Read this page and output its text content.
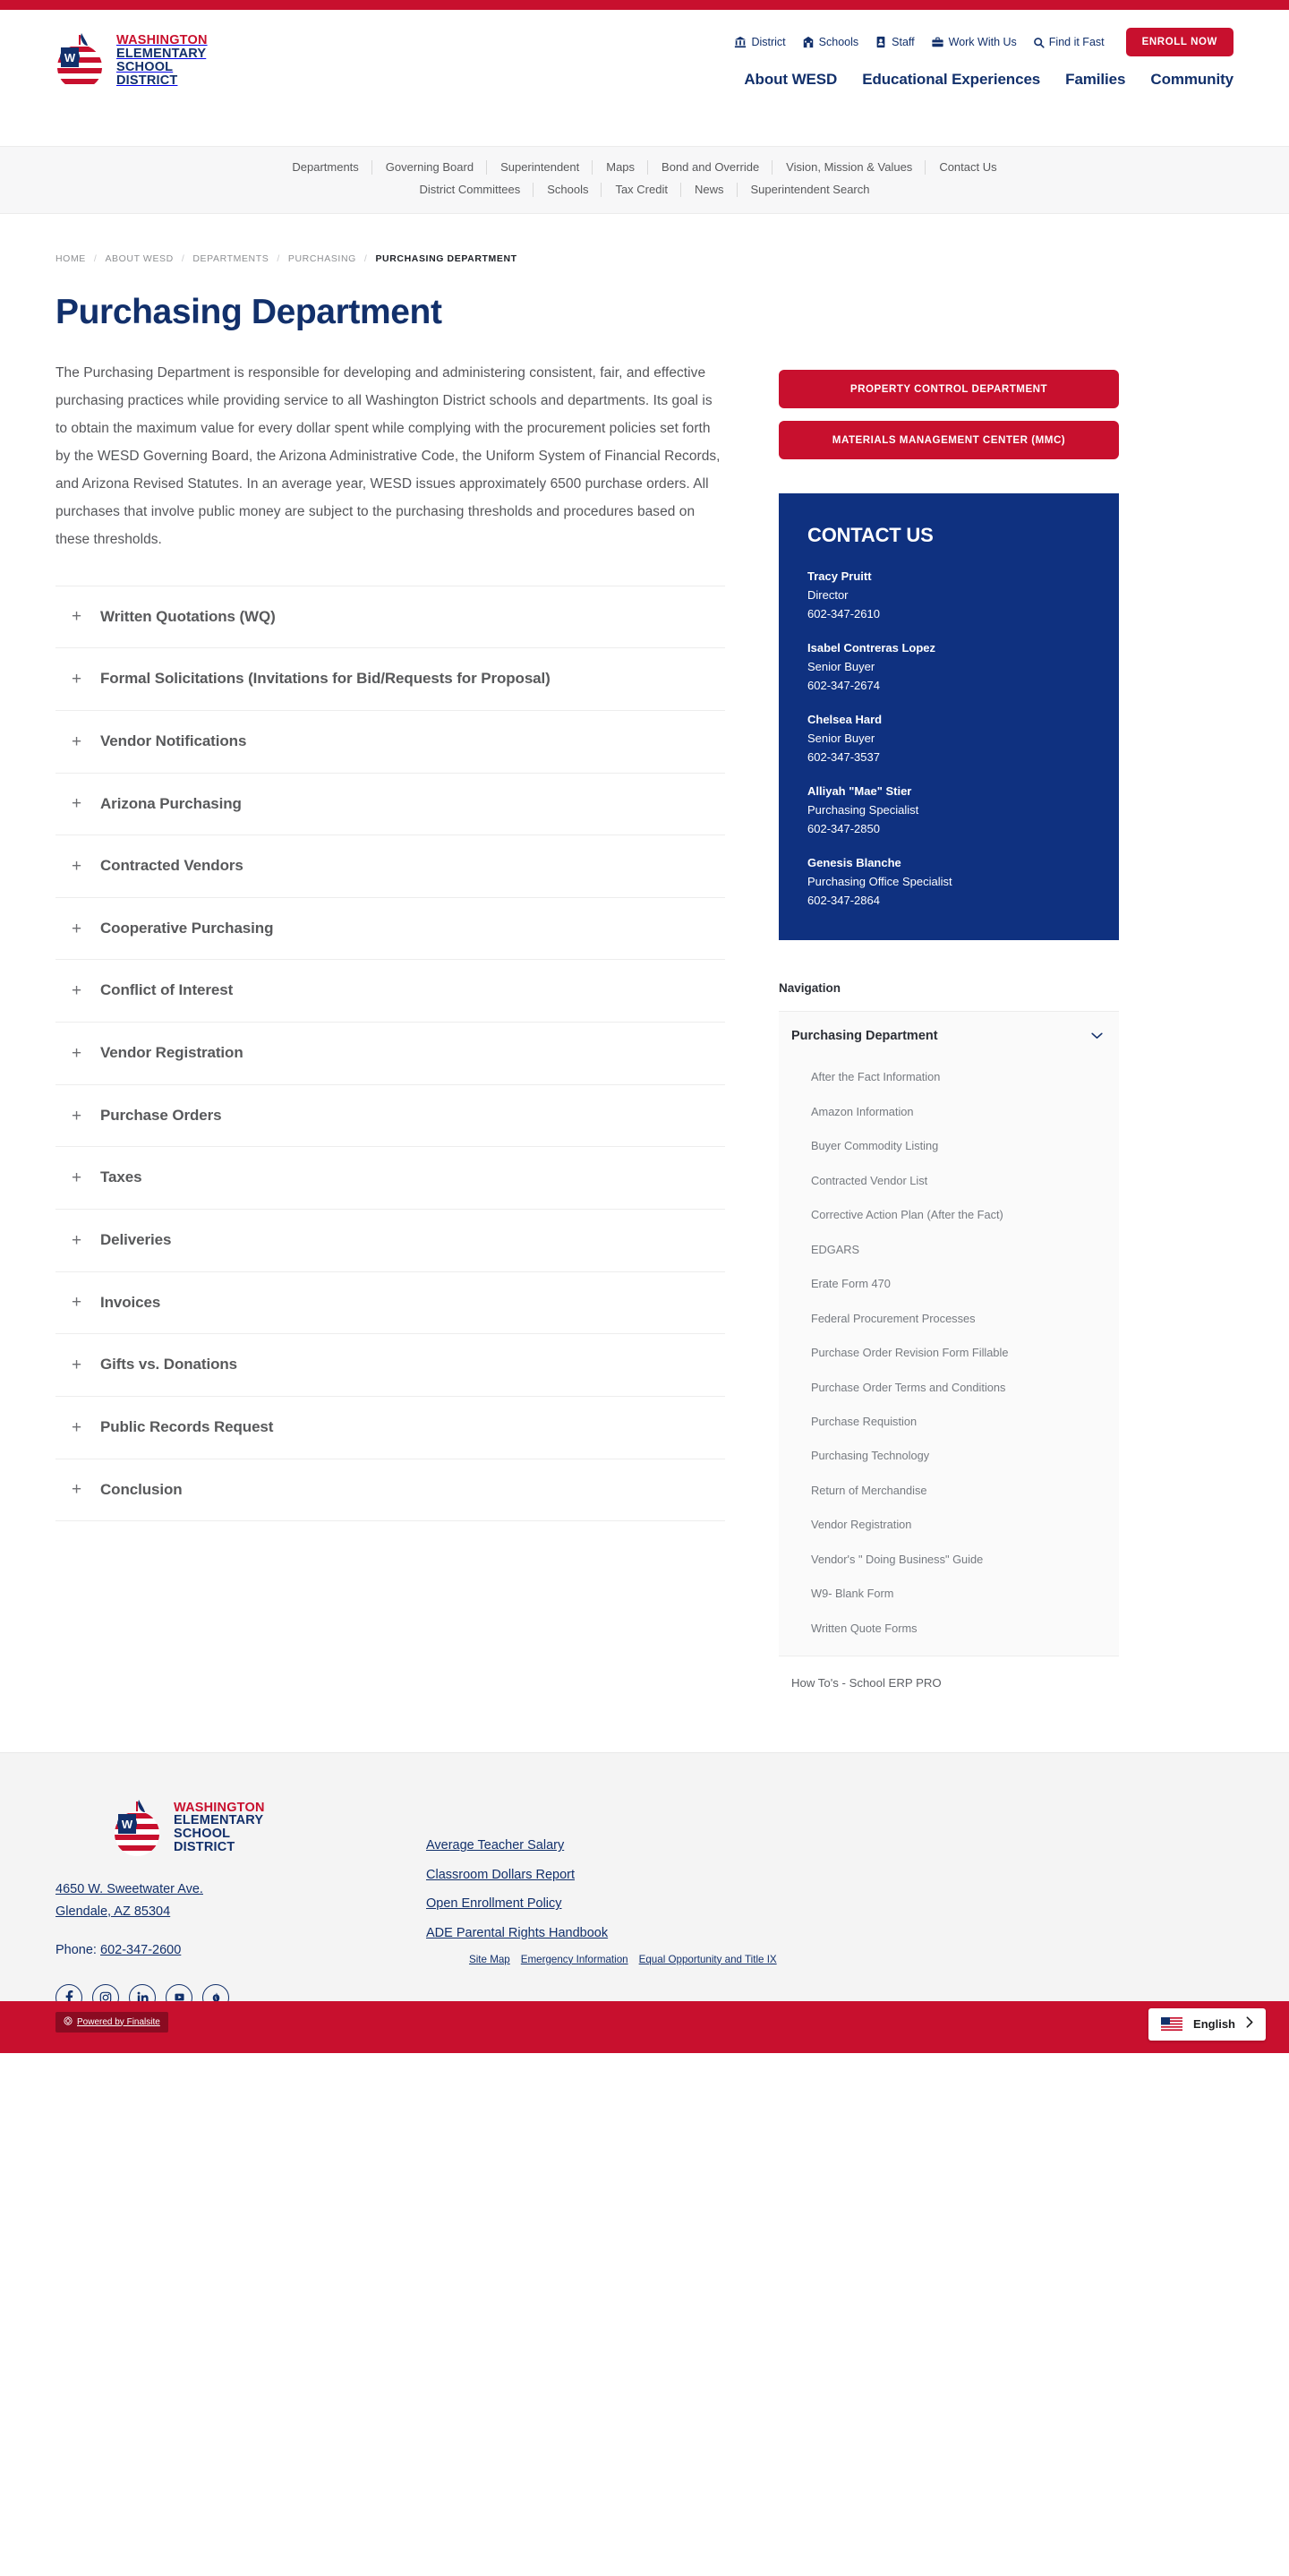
W
WASHINGTON
ELEMENTARY
SCHOOL
DISTRICT
District	Schools	Staff	Work With Us	Find it Fast	ENROLL NOW
About WESD Educational Experiences Families Community
Departments	Governing Board	Superintendent	Maps	Bond and Override	Vision, Mission & Values	Contact Us
District Committees	Schools	Tax Credit	News	Superintendent Search
HOME / ABOUT WESD / DEPARTMENTS / PURCHASING / PURCHASING DEPARTMENT
Purchasing Department

The Purchasing Department is responsible for developing and administering consistent, fair, and effective purchasing practices while providing service to all Washington District schools and departments. Its goal is to obtain the maximum value for every dollar spent while complying with the procurement policies set forth by the WESD Governing Board, the Arizona Administrative Code, the Uniform System of Financial Records, and Arizona Revised Statutes. In an average year, WESD issues approximately 6500 purchase orders. All purchases that involve public money are subject to the purchasing thresholds and procedures based on these thresholds.

+ Written Quotations (WQ)
+ Formal Solicitations (Invitations for Bid/Requests for Proposal)
+ Vendor Notifications
+ Arizona Purchasing
+ Contracted Vendors
+ Cooperative Purchasing
+ Conflict of Interest
+ Vendor Registration
+ Purchase Orders
+ Taxes
+ Deliveries
+ Invoices
+ Gifts vs. Donations
+ Public Records Request
+ Conclusion
PROPERTY CONTROL DEPARTMENT
MATERIALS MANAGEMENT CENTER (MMC)
CONTACT US
Tracy Pruitt
Director
602-347-2610
Isabel Contreras Lopez
Senior Buyer
602-347-2674
Chelsea Hard
Senior Buyer
602-347-3537
Alliyah "Mae" Stier
Purchasing Specialist
602-347-2850
Genesis Blanche
Purchasing Office Specialist
602-347-2864
Navigation
Purchasing Department
After the Fact Information
Amazon Information
Buyer Commodity Listing
Contracted Vendor List
Corrective Action Plan (After the Fact)
EDGARS
Erate Form 470
Federal Procurement Processes
Purchase Order Revision Form Fillable
Purchase Order Terms and Conditions
Purchase Requistion
Purchasing Technology
Return of Merchandise
Vendor Registration
Vendor's " Doing Business" Guide
W9- Blank Form
Written Quote Forms
How To's - School ERP PRO
W
WASHINGTON
ELEMENTARY
SCHOOL
DISTRICT
4650 W. Sweetwater Ave.
Glendale, AZ 85304
Phone: 602-347-2600
Average Teacher Salary
Classroom Dollars Report
Open Enrollment Policy
ADE Parental Rights Handbook
Site Map Emergency Information Equal Opportunity and Title IX
Powered by Finalsite	English
